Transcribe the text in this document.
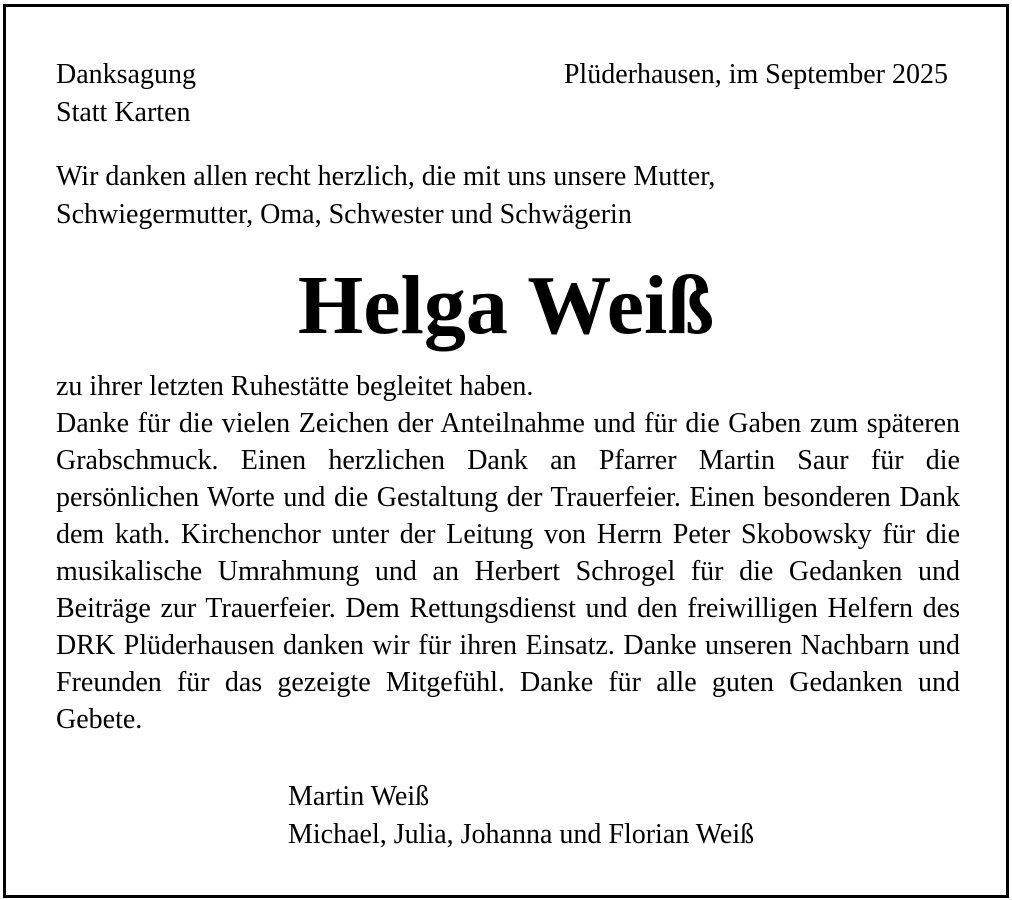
Danksagung
Statt Karten
Plüderhausen, im September 2025
Wir danken allen recht herzlich, die mit uns unsere Mutter,
Schwiegermutter, Oma, Schwester und Schwägerin
Helga Weiß

zu ihrer letzten Ruhestätte begleitet haben.

Danke für die vielen Zeichen der Anteilnahme und für die Gaben zum späteren Grabschmuck. Einen herzlichen Dank an Pfarrer Martin Saur für die persönlichen Worte und die Gestaltung der Trauerfeier. Einen besonderen Dank dem kath. Kirchenchor unter der Leitung von Herrn Peter Skobowsky für die musikalische Umrahmung und an Herbert Schrogel für die Gedanken und Beiträge zur Trauerfeier. Dem Rettungsdienst und den freiwilligen Helfern des DRK Plüderhausen danken wir für ihren Einsatz. Danke unseren Nachbarn und Freunden für das gezeigte Mitgefühl. Danke für alle guten Gedanken und Gebete.

Martin Weiß
Michael, Julia, Johanna und Florian Weiß
